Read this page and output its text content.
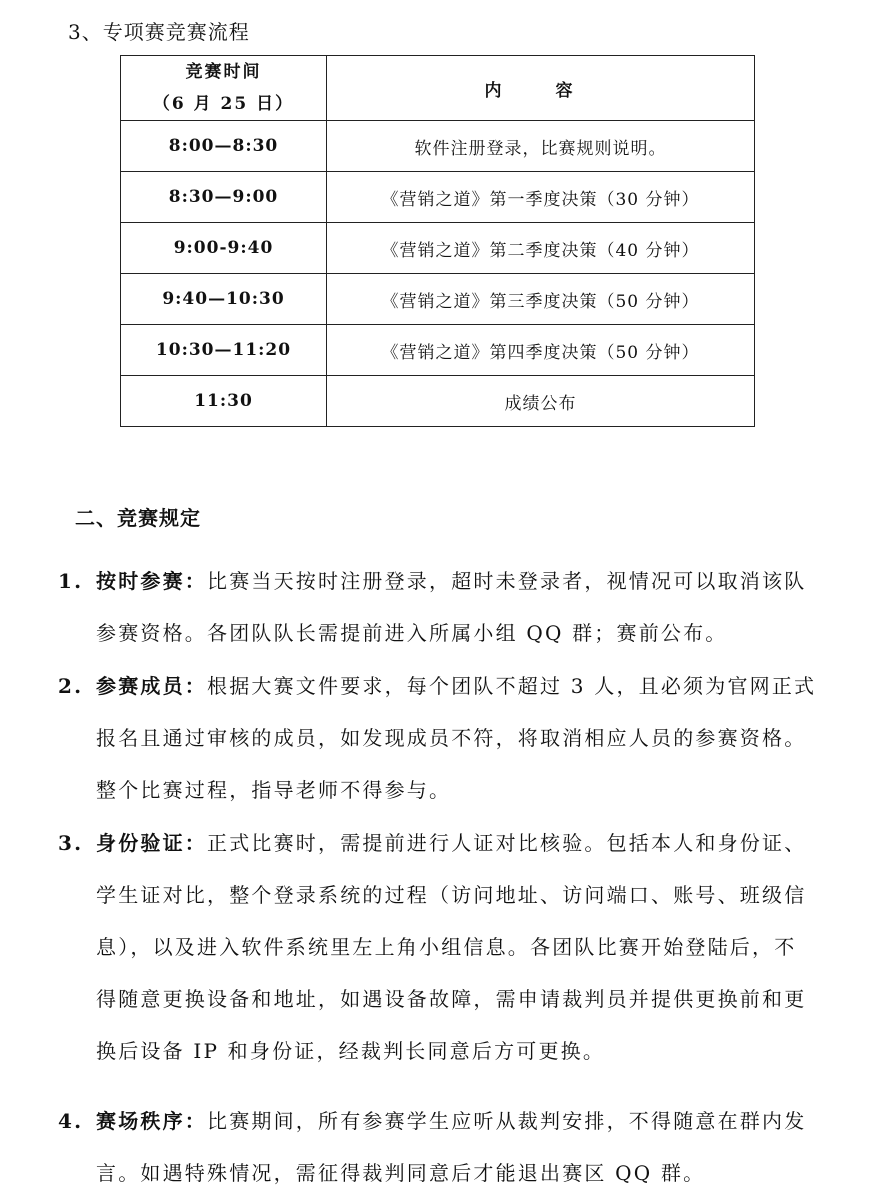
3、专项赛竞赛流程
竞赛时间
（6 月 25 日）	内 容
8:00—8:30	软件注册登录，比赛规则说明。
8:30—9:00	《营销之道》第一季度决策（30 分钟）
9:00-9:40	《营销之道》第二季度决策（40 分钟）
9:40—10:30	《营销之道》第三季度决策（50 分钟）
10:30—11:20	《营销之道》第四季度决策（50 分钟）
11:30	成绩公布
二、竞赛规定
1. 按时参赛：比赛当天按时注册登录，超时未登录者，视情况可以取消该队
参赛资格。各团队队长需提前进入所属小组 QQ 群；赛前公布。
2. 参赛成员：根据大赛文件要求，每个团队不超过 3 人，且必须为官网正式
报名且通过审核的成员，如发现成员不符，将取消相应人员的参赛资格。
整个比赛过程，指导老师不得参与。
3. 身份验证：正式比赛时，需提前进行人证对比核验。包括本人和身份证、
学生证对比，整个登录系统的过程（访问地址、访问端口、账号、班级信
息），以及进入软件系统里左上角小组信息。各团队比赛开始登陆后，不
得随意更换设备和地址，如遇设备故障，需申请裁判员并提供更换前和更
换后设备 IP 和身份证，经裁判长同意后方可更换。
4. 赛场秩序：比赛期间，所有参赛学生应听从裁判安排，不得随意在群内发
言。如遇特殊情况，需征得裁判同意后才能退出赛区 QQ 群。
